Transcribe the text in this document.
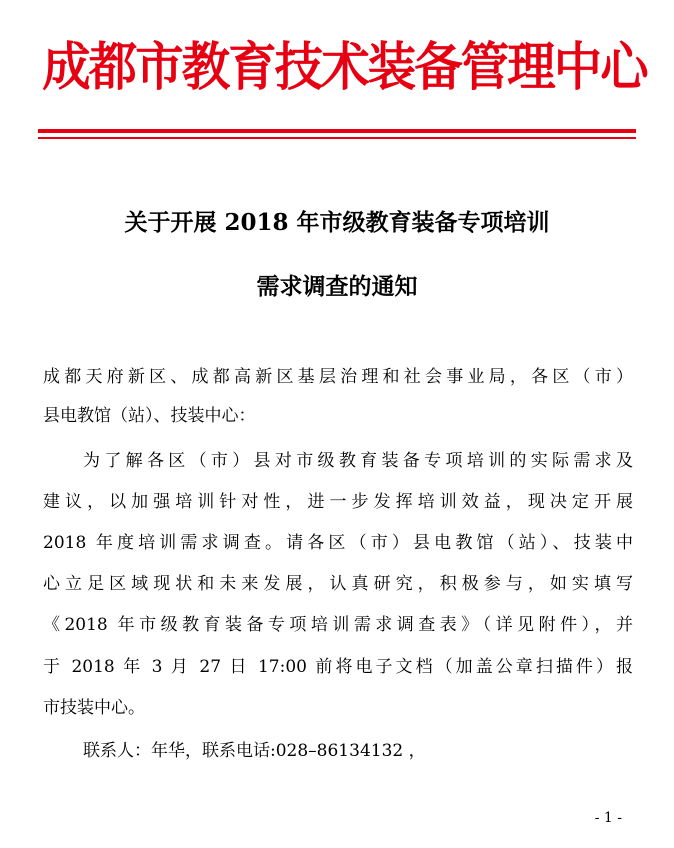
成都市教育技术装备管理中心
关于开展 2018 年市级教育装备专项培训
需求调查的通知
成都天府新区、成都高新区基层治理和社会事业局，各区（市）
县电教馆（站）、技装中心：
为了解各区（市）县对市级教育装备专项培训的实际需求及
建议，以加强培训针对性，进一步发挥培训效益，现决定开展
2018 年度培训需求调查。请各区（市）县电教馆（站）、技装中
心立足区域现状和未来发展，认真研究，积极参与，如实填写
《2018 年市级教育装备专项培训需求调查表》（详见附件），并
于 2018 年 3 月 27 日 17:00 前将电子文档（加盖公章扫描件）报
市技装中心。
联系人：年华，联系电话:028–86134132 ，
- 1 -
